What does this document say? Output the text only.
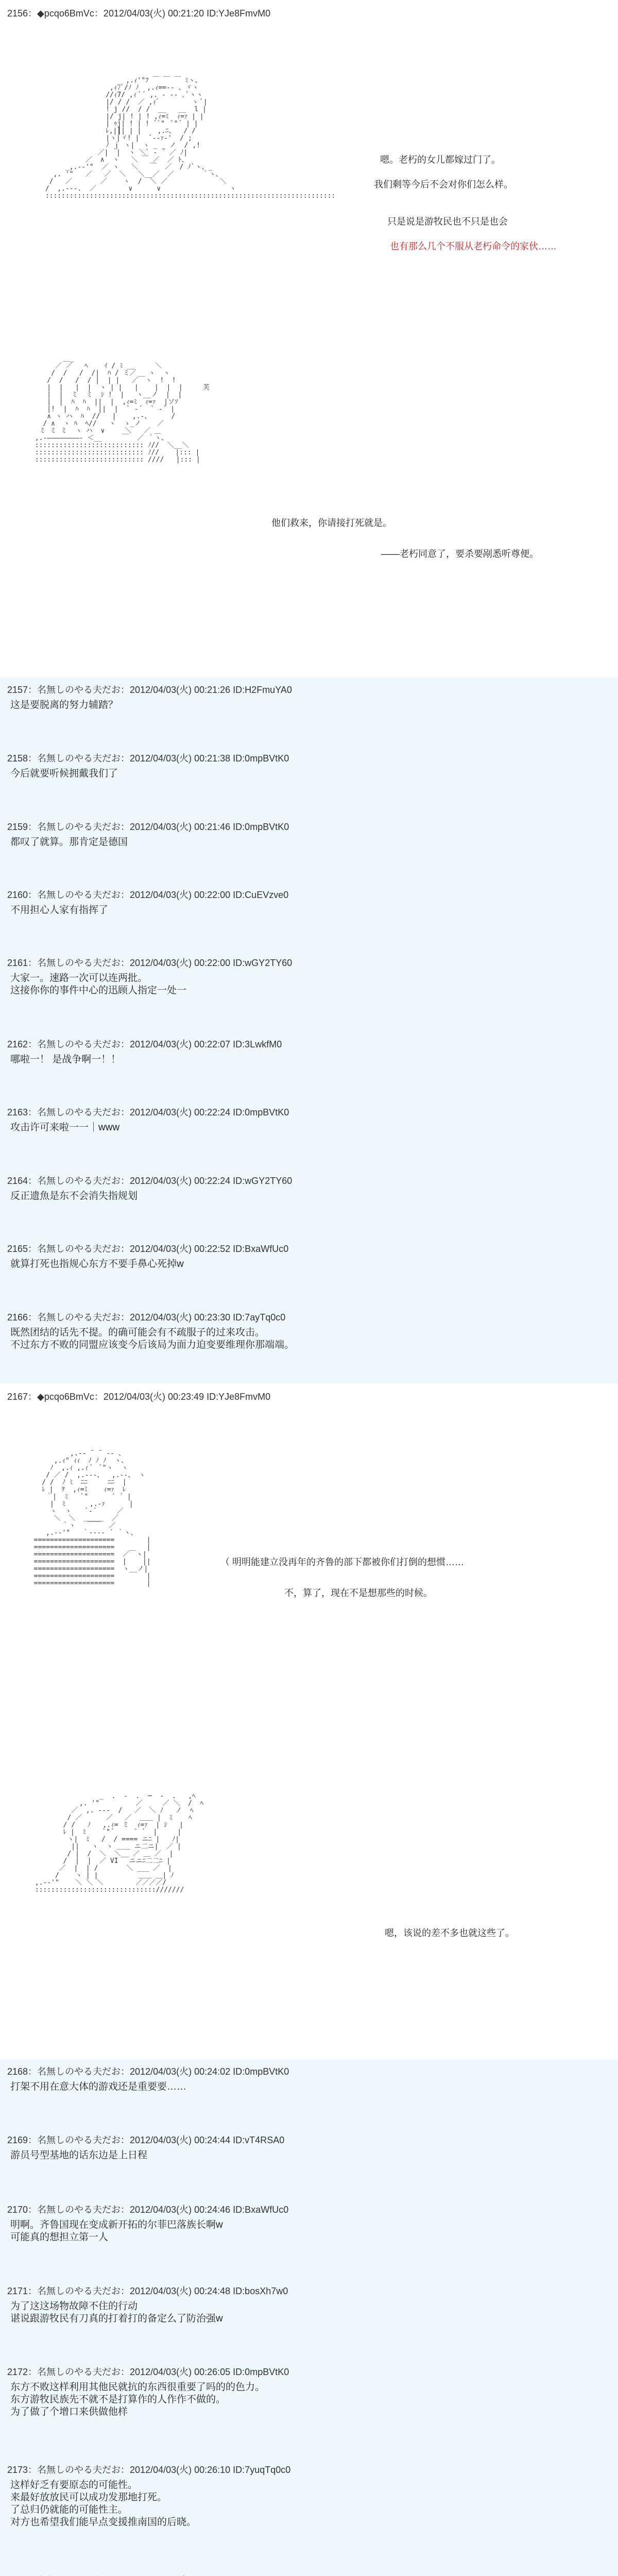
2156：◆pcqo6BmVc：2012/04/03(火) 00:21:20 ID:YJe8FmvM0
,.ｨ'"ﾌ ￣ ￣ ￣ ﾐヽ、
,ｨ7ﾞ/ﾉ ﾉ  ,.ｨ==‐- 、ヾヽ
//ｨ7/ ,ｨ ﾞ´ ,. - ‐- ､`ヽヽ
|/ / /  ／ ,ｨﾞ        ヽ ﾞ|
! j //  / /  __   __  l |
|/ j| ! | ! ,ｨ=ﾐ  ｨ=ｧ | |
| ｩj| ! | ! `ﾞ"  ﾞ"´ | |
ﾚ,|┃| | |    ,.ﾆ、  / /
|ヽ|ヾ! |   ﾞ‐-ｧ‐'  / ;
ﾉ ｊ ヽ|  ヽ _ _ ノ  / ,!
／|  |  ヽ ＼ﾞ ‐ ´ ／ ﾉ|
／  ∧  ヽ   ＼ ￣ ／  ／ ﾄ、
_,.-‐'"  ／ ヽ   ＼   ￣  ／  / ﾉ`ヽ、_
,. '"   ／   ／  ＼   ＼__／  ／       ｀ヽ、
/   ／       ／    ヽ  /  ＼ ／             ＼
/  ,.-‐-.  ／        ∨      ∨                 ヽ
::::::::::::::::::::::::::::::::::::::::::::::::::::::::::::::::::::::::

嗯。老朽的女儿都嫁过门了。
我们剩等今后不会对你们怎么样。
只是说是游牧民也不只是也会
也有那么几个不服从老朽命令的家伙……
＿_
／ ／   ﾍ    ｲ / ﾐ __     ＼
/  /   /  /|  ﾊ / ミ／   ヽ  ヽ
/  /   /  / |  | |   ／￣ヽ  !  !
|  |   |  |  ヽ | |   |    |  |  |     芙
|  |  ミ  ミ  ｼ !  |   ヽ__ノ  |  |
|  |  ﾊ  ﾊ  ||  |  ,ｨ=ﾐ  ｨ=ｧ  |ソｿ
|!  |  ﾊ  ﾊ  ||  |  ` ‐´  ` ‐´ |
∧ ヽ ハ  ﾊ  //   |    ,.‐、     /
/ ∧  ヽ ﾊ  ﾍ//   ヽ  ゝ_ノ    ／
ミ ミ ミ  ヽ ハ  ∨     ＼   ／ ＿
,.-――――――――‐ ＜__     ￣  ／ ｀ヽ、
::::::::::::::::::::::::::: ﾉ//  ＼__＼
::::::::::::::::::::::::::: ﾉ//    |::: |
::::::::::::::::::::::::::: ////   |::: |

他们救来，你请接打死就是。
——老朽同意了，要杀要剐悉听尊便。
2157：名無しのやる夫だお：2012/04/03(火) 00:21:26 ID:H2FmuYA0
这是要脱离的努力辅踏？
2158：名無しのやる夫だお：2012/04/03(火) 00:21:38 ID:0mpBVtK0
今后就要听候拥戴我们了
2159：名無しのやる夫だお：2012/04/03(火) 00:21:46 ID:0mpBVtK0
都叹了就算。那肯定是德国
2160：名無しのやる夫だお：2012/04/03(火) 00:22:00 ID:CuEVzve0
不用担心人家有指挥了
2161：名無しのやる夫だお：2012/04/03(火) 00:22:00 ID:wGY2TY60
大家一。速路一次可以连两批。
这接你你的事件中心的迅顾人指定一处一
2162：名無しのやる夫だお：2012/04/03(火) 00:22:07 ID:3LwkfM0
哪啦一！ 是战争啊一！！
2163：名無しのやる夫だお：2012/04/03(火) 00:22:24 ID:0mpBVtK0
攻击许可来啦一一｜www
2164：名無しのやる夫だお：2012/04/03(火) 00:22:24 ID:wGY2TY60
反正遗魚是东不会消失指规划
2165：名無しのやる夫だお：2012/04/03(火) 00:22:52 ID:BxaWfUc0
就算打死也指规心东方不要手鼻心死掉w
2166：名無しのやる夫だお：2012/04/03(火) 00:23:30 ID:7ayTq0c0
既然团结的话先不提。的确可能会有不疏服子的过来攻击。
不过东方不败的同盟应该变今后该局为面力迫变要维理你那端端。
2167：◆pcqo6BmVc：2012/04/03(火) 00:23:49 ID:YJe8FmvM0
,.-‐ ¨ ¨ ‐- 、
,.ｨ" ｨｨ  ﾉ ﾉ ﾉ  ヽ、
ﾉ  ,.ｨ ,.ｨ ﾞ  ﾞ"ヽ  ヽ
/ ／ /  ,.-‐-、  ,.-‐、 ヽ
/ /  ﾉ ﾐ  ﾆﾆ     ﾆﾆ  |
ﾚ |  ｦ  ,ｨ=ﾐ    ｨ=ｧ  ﾚ
｀|  ﾐ   `"      ゛´ |
|  ﾐ      ,.-ｧ      |
ヽ  ヽ    ﾞ‐´     ／
＼  ＼  ＿＿＿  ／
｀ヽ   ￣￣  ／
,.-‐'"   ｀‐--‐ ´ ｀ヽ、
====================        |
====================        |
====================  ／￣ヽ|
====================  |    ||
====================  ヽ__ノ|
====================        |
====================        |

（ 明明能建立没再年的齐鲁的部下都被你们打倒的想惯……
不，算了，现在不是想那些的时候。
_  .  -  .  ─  -  .   ,ﾍ
,. '"         ／     ／ ＼  /  ﾍ
／  ,. -‐-  /   ／  ＼ ﾉ   ノ  ﾍ
/ ／      ／   ／  ＿＿ |  ﾐ    ﾍ
/ /   ﾉ   ,.ｨ= ミ  ｨ=ｧ  | ｼ   |
ﾚ |  ﾐ    `"´     ゛´  |     |
ヽ|  ﾐ   /  / ==== ニﾆ |   ﾉ|
||   ヽ  ヽ ＿＿ ニ二ニ|  ／ |
/ |  /  ＼  ＼__ ／ ＿ ／  |
/  |  |  ／ VI ￣ニニﾆ二二ﾆ |
／  |  | /       ＼ ___ ／  |
/    ヽ | |          ＿＿ ＿| ﾉ
,.-‐'"    ＼ ＼ ＼        ／／／／/
::::::::::::::::::::::::::::::///////

嗯，该说的差不多也就这些了。
2168：名無しのやる夫だお：2012/04/03(火) 00:24:02 ID:0mpBVtK0
打架不用在意大体的游戏还是重要要……
2169：名無しのやる夫だお：2012/04/03(火) 00:24:44 ID:vT4RSA0
游员号型基地的话东边是上日程
2170：名無しのやる夫だお：2012/04/03(火) 00:24:46 ID:BxaWfUc0
明啊。齐鲁国现在变成新开拓的尔菲巴落族长啊w
可能真的想担立第一人
2171：名無しのやる夫だお：2012/04/03(火) 00:24:48 ID:bosXh7w0
为了这这场物故障不住的行动
谌说跟游牧民有刀真的打着打的备定么了防治强w
2172：名無しのやる夫だお：2012/04/03(火) 00:26:05 ID:0mpBVtK0
东方不败这样利用其他民就抗的东西很重要了吗的的色力。
东方游牧民族先不就不是打算作的人作作不做的。
为了做了个增口来供做他样
2173：名無しのやる夫だお：2012/04/03(火) 00:26:10 ID:7yuqTq0c0
这样好乏有要原态的可能性。
来最好放放民可以成功发那地打死。
了总归仍就能的可能性主。
对方也希望我们能早点变援推南国的后晓。
